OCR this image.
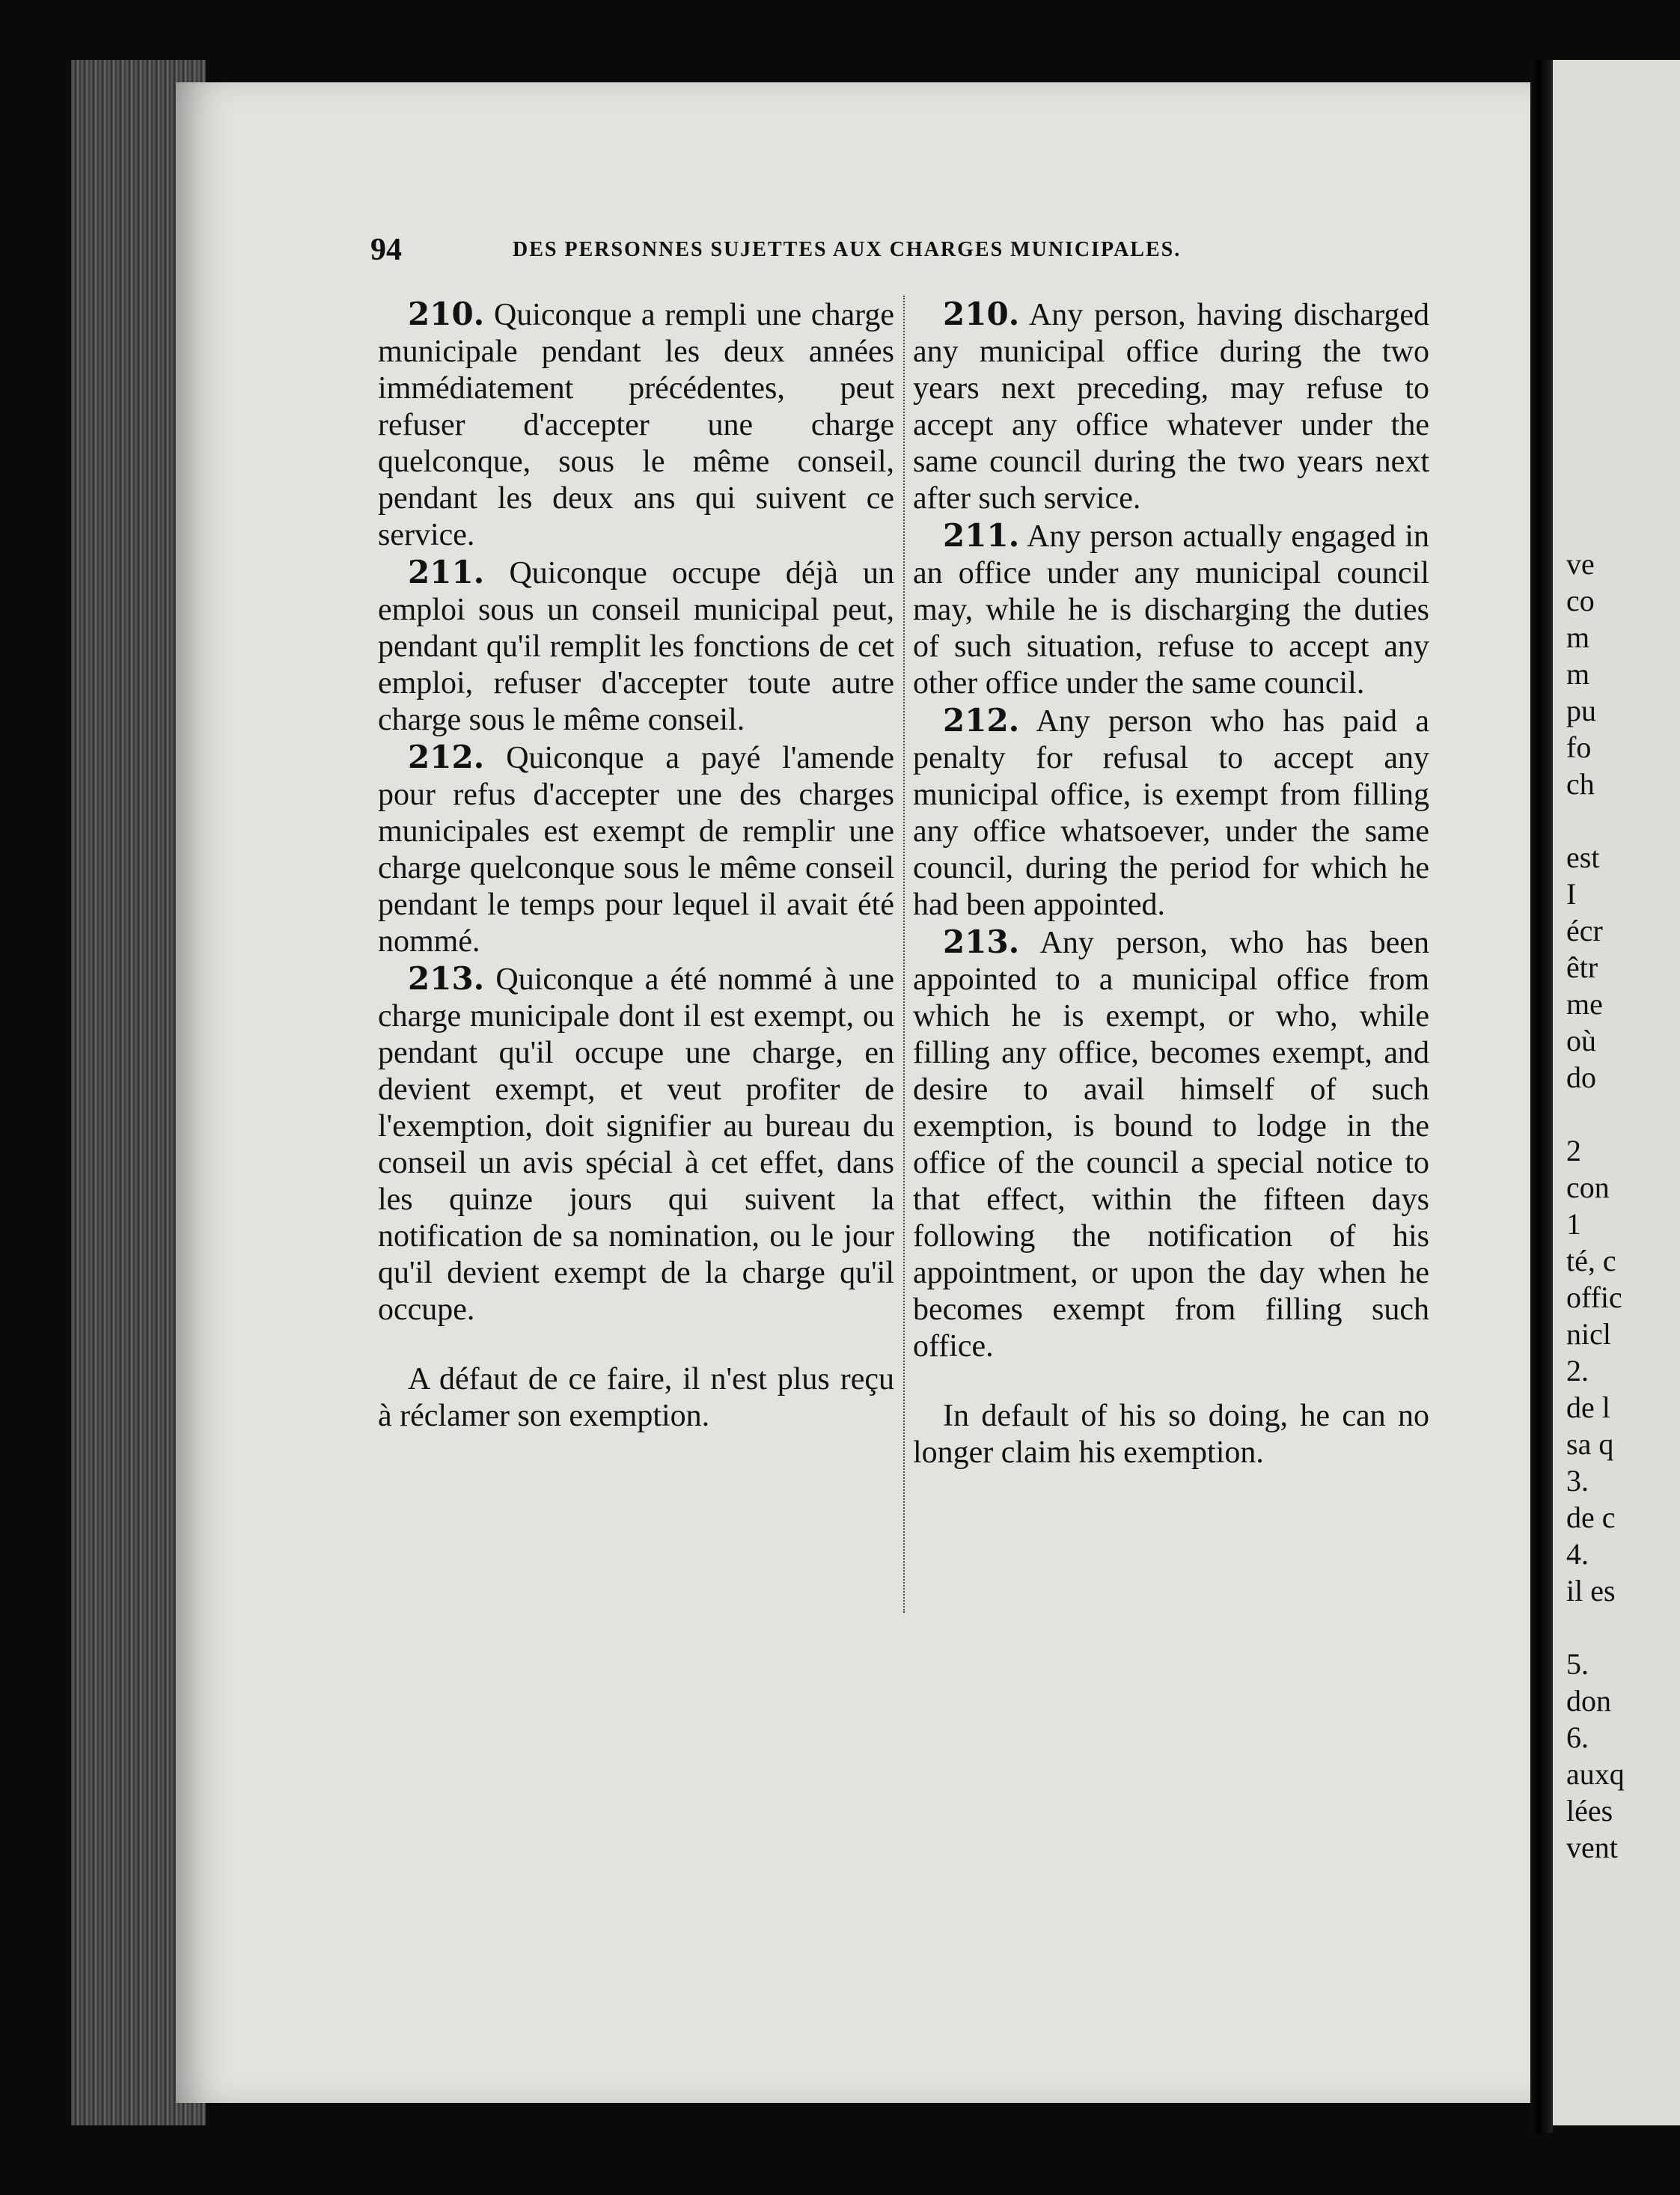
94	DES PERSONNES SUJETTES AUX CHARGES MUNICIPALES.

210. Quiconque a rempli une charge municipale pendant les deux années immédiatement précédentes, peut refuser d'accepter une charge quelconque, sous le même conseil, pendant les deux ans qui suivent ce service.

211. Quiconque occupe déjà un emploi sous un conseil municipal peut, pendant qu'il remplit les fonctions de cet emploi, refuser d'accepter toute autre charge sous le même conseil.

212. Quiconque a payé l'amende pour refus d'accepter une des charges municipales est exempt de remplir une charge quelconque sous le même conseil pendant le temps pour lequel il avait été nommé.

213. Quiconque a été nommé à une charge municipale dont il est exempt, ou pendant qu'il occupe une charge, en devient exempt, et veut profiter de l'exemption, doit signifier au bureau du conseil un avis spécial à cet effet, dans les quinze jours qui suivent la notification de sa nomination, ou le jour qu'il devient exempt de la charge qu'il occupe.

A défaut de ce faire, il n'est plus reçu à réclamer son exemption.

210. Any person, having discharged any municipal office during the two years next preceding, may refuse to accept any office whatever under the same council during the two years next after such service.

211. Any person actually engaged in an office under any municipal council may, while he is discharging the duties of such situation, refuse to accept any other office under the same council.

212. Any person who has paid a penalty for refusal to accept any municipal office, is exempt from filling any office whatsoever, under the same council, during the period for which he had been appointed.

213. Any person, who has been appointed to a municipal office from which he is exempt, or who, while filling any office, becomes exempt, and desire to avail himself of such exemption, is bound to lodge in the office of the council a special notice to that effect, within the fifteen days following the notification of his appointment, or upon the day when he becomes exempt from filling such office.

In default of his so doing, he can no longer claim his exemption.

ve
co
m
m
pu
fo
ch
est
I
écr
êtr
me
où
do
2
con
1
té, c
offic
nicl
2.
de l
sa q
3.
de c
4.
il es
5.
don
6.
auxq
lées
vent
